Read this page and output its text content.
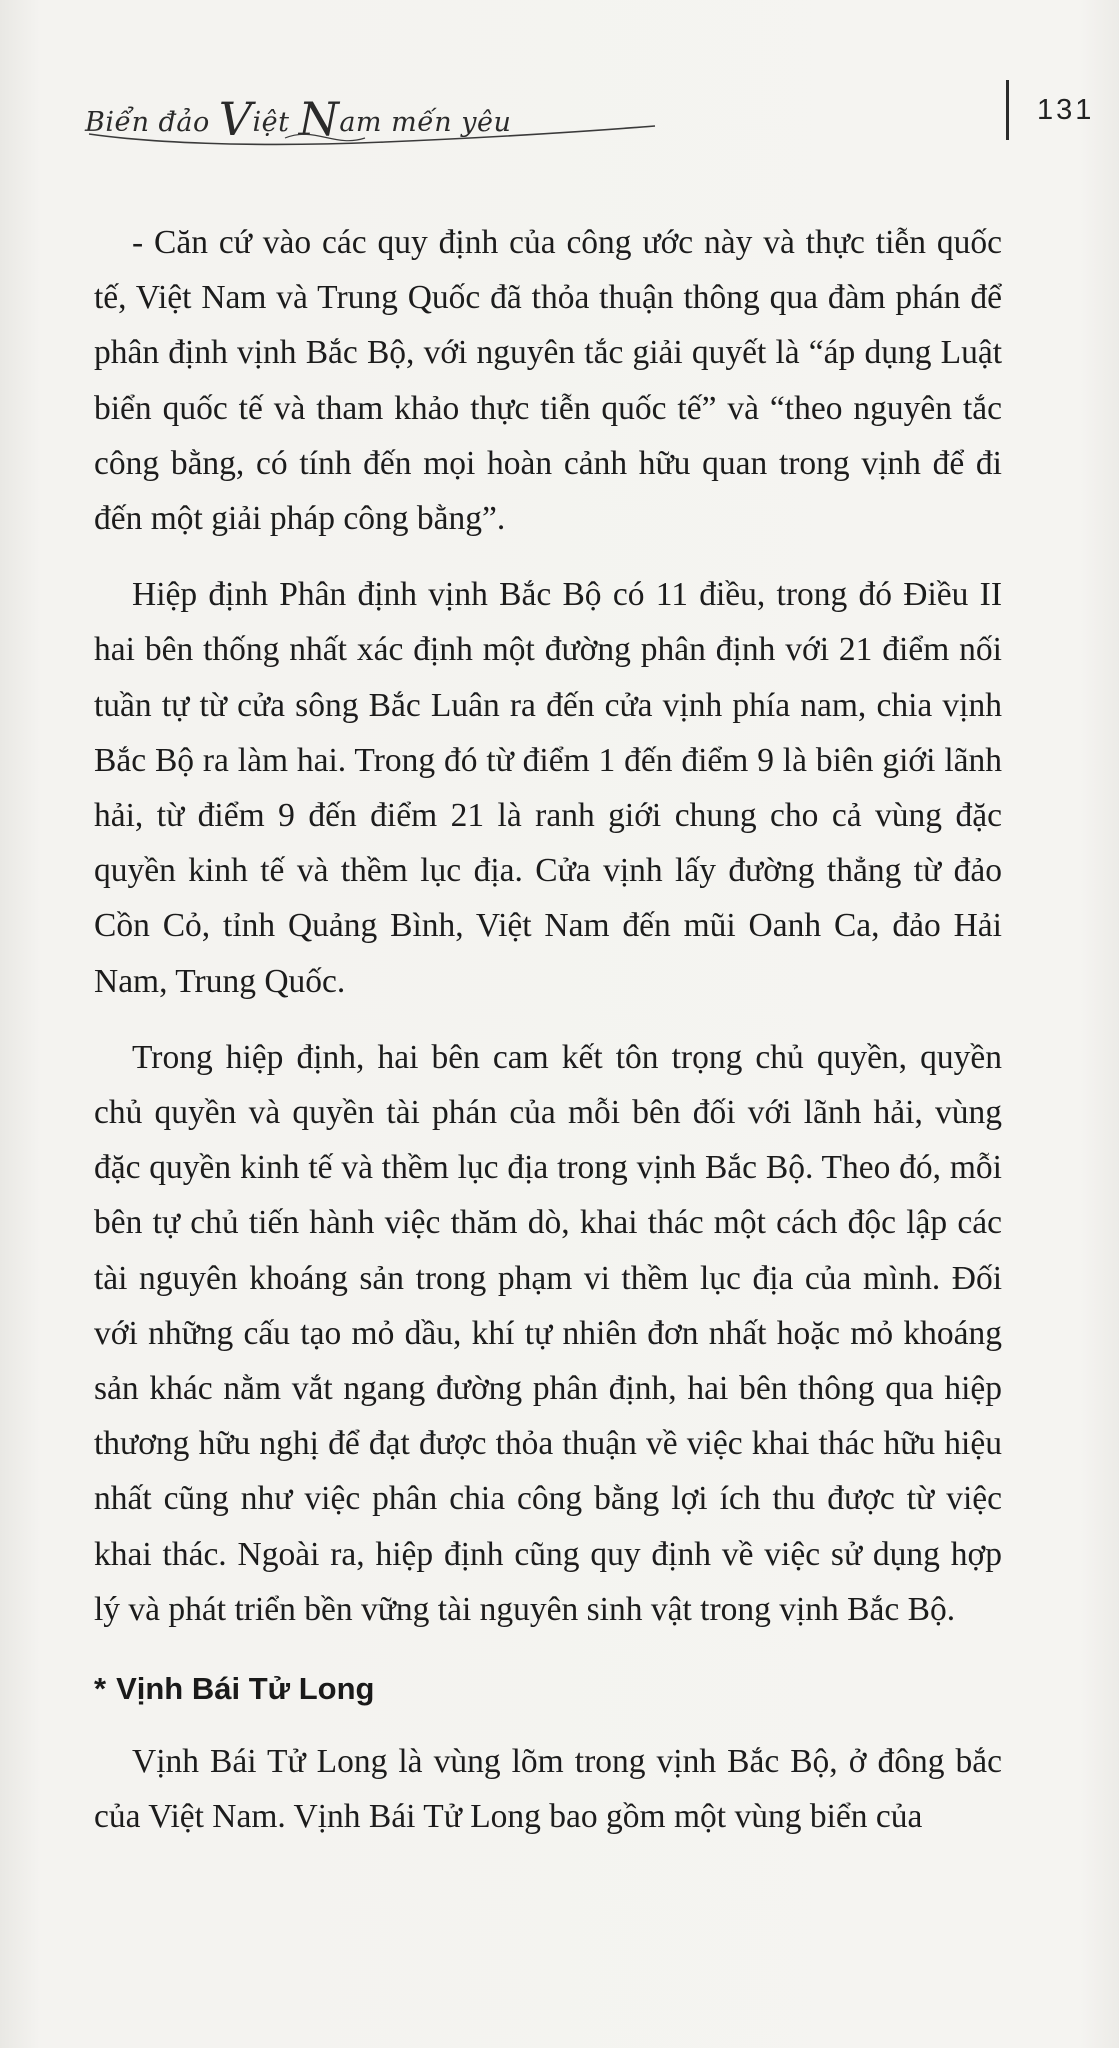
Biển đảo Việt Nam mến yêu	131

- Căn cứ vào các quy định của công ước này và thực tiễn quốc tế, Việt Nam và Trung Quốc đã thỏa thuận thông qua đàm phán để phân định vịnh Bắc Bộ, với nguyên tắc giải quyết là “áp dụng Luật biển quốc tế và tham khảo thực tiễn quốc tế” và “theo nguyên tắc công bằng, có tính đến mọi hoàn cảnh hữu quan trong vịnh để đi đến một giải pháp công bằng”.

Hiệp định Phân định vịnh Bắc Bộ có 11 điều, trong đó Điều II hai bên thống nhất xác định một đường phân định với 21 điểm nối tuần tự từ cửa sông Bắc Luân ra đến cửa vịnh phía nam, chia vịnh Bắc Bộ ra làm hai. Trong đó từ điểm 1 đến điểm 9 là biên giới lãnh hải, từ điểm 9 đến điểm 21 là ranh giới chung cho cả vùng đặc quyền kinh tế và thềm lục địa. Cửa vịnh lấy đường thẳng từ đảo Cồn Cỏ, tỉnh Quảng Bình, Việt Nam đến mũi Oanh Ca, đảo Hải Nam, Trung Quốc.

Trong hiệp định, hai bên cam kết tôn trọng chủ quyền, quyền chủ quyền và quyền tài phán của mỗi bên đối với lãnh hải, vùng đặc quyền kinh tế và thềm lục địa trong vịnh Bắc Bộ. Theo đó, mỗi bên tự chủ tiến hành việc thăm dò, khai thác một cách độc lập các tài nguyên khoáng sản trong phạm vi thềm lục địa của mình. Đối với những cấu tạo mỏ dầu, khí tự nhiên đơn nhất hoặc mỏ khoáng sản khác nằm vắt ngang đường phân định, hai bên thông qua hiệp thương hữu nghị để đạt được thỏa thuận về việc khai thác hữu hiệu nhất cũng như việc phân chia công bằng lợi ích thu được từ việc khai thác. Ngoài ra, hiệp định cũng quy định về việc sử dụng hợp lý và phát triển bền vững tài nguyên sinh vật trong vịnh Bắc Bộ.

* Vịnh Bái Tử Long

Vịnh Bái Tử Long là vùng lõm trong vịnh Bắc Bộ, ở đông bắc của Việt Nam. Vịnh Bái Tử Long bao gồm một vùng biển của
